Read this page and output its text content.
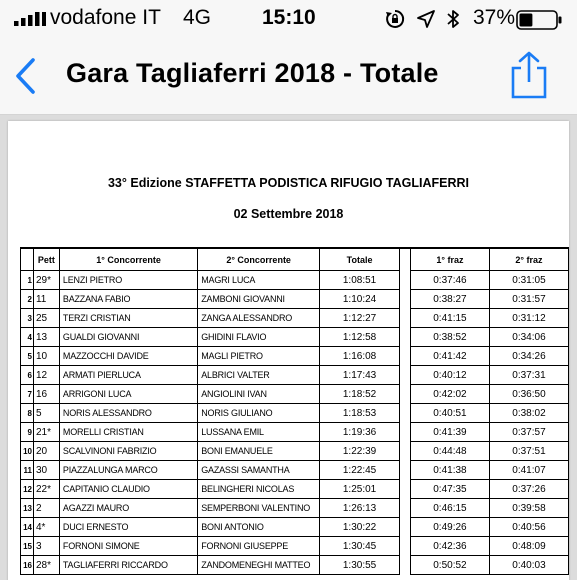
vodafone IT 4G 15:10	37%
Gara Tagliaferri 2018 - Totale
33° Edizione STAFFETTA PODISTICA RIFUGIO TAGLIAFERRI
02 Settembre 2018
	Pett	1° Concorrente	2° Concorrente	Totale		1° fraz	2° fraz
1	29*	LENZI PIETRO	MAGRI LUCA	1:08:51		0:37:46	0:31:05
2	11	BAZZANA FABIO	ZAMBONI GIOVANNI	1:10:24		0:38:27	0:31:57
3	25	TERZI CRISTIAN	ZANGA ALESSANDRO	1:12:27		0:41:15	0:31:12
4	13	GUALDI GIOVANNI	GHIDINI FLAVIO	1:12:58		0:38:52	0:34:06
5	10	MAZZOCCHI DAVIDE	MAGLI PIETRO	1:16:08		0:41:42	0:34:26
6	12	ARMATI PIERLUCA	ALBRICI VALTER	1:17:43		0:40:12	0:37:31
7	16	ARRIGONI LUCA	ANGIOLINI IVAN	1:18:52		0:42:02	0:36:50
8	5	NORIS ALESSANDRO	NORIS GIULIANO	1:18:53		0:40:51	0:38:02
9	21*	MORELLI CRISTIAN	LUSSANA EMIL	1:19:36		0:41:39	0:37:57
10	20	SCALVINONI FABRIZIO	BONI EMANUELE	1:22:39		0:44:48	0:37:51
11	30	PIAZZALUNGA MARCO	GAZASSI SAMANTHA	1:22:45		0:41:38	0:41:07
12	22*	CAPITANIO CLAUDIO	BELINGHERI NICOLAS	1:25:01		0:47:35	0:37:26
13	2	AGAZZI MAURO	SEMPERBONI VALENTINO	1:26:13		0:46:15	0:39:58
14	4*	DUCI ERNESTO	BONI ANTONIO	1:30:22		0:49:26	0:40:56
15	3	FORNONI SIMONE	FORNONI GIUSEPPE	1:30:45		0:42:36	0:48:09
16	28*	TAGLIAFERRI RICCARDO	ZANDOMENEGHI MATTEO	1:30:55		0:50:52	0:40:03
